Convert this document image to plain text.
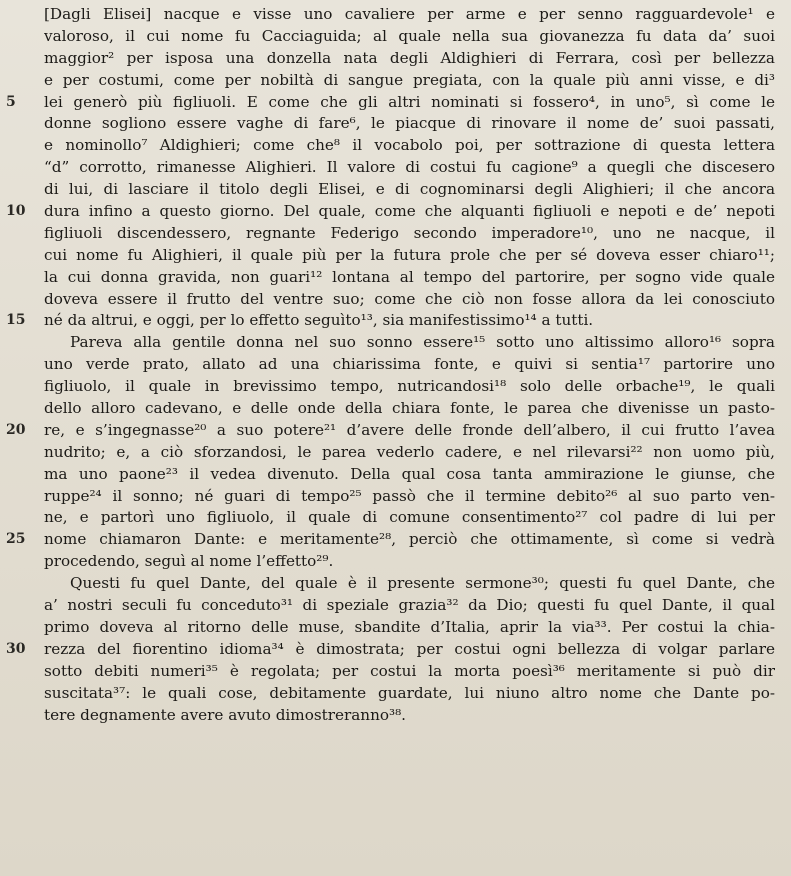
[Dagli Elisei] nacque e visse uno cavaliere per arme e per senno ragguardevole¹ e
valoroso, il cui nome fu Cacciaguida; al quale nella sua giovanezza fu data da’ suoi
maggior² per isposa una donzella nata degli Aldighieri di Ferrara, così per bellezza
e per costumi, come per nobiltà di sangue pregiata, con la quale più anni visse, e di³
5	lei generò più figliuoli. E come che gli altri nominati si fossero⁴, in uno⁵, sì come le
donne sogliono essere vaghe di fare⁶, le piacque di rinovare il nome de’ suoi passati,
e nominollo⁷ Aldighieri; come che⁸ il vocabolo poi, per sottrazione di questa lettera
“d” corrotto, rimanesse Alighieri. Il valore di costui fu cagione⁹ a quegli che discesero
di lui, di lasciare il titolo degli Elisei, e di cognominarsi degli Alighieri; il che ancora
10	dura infino a questo giorno. Del quale, come che alquanti figliuoli e nepoti e de’ nepoti
figliuoli discendessero, regnante Federigo secondo imperadore¹⁰, uno ne nacque, il
cui nome fu Alighieri, il quale più per la futura prole che per sé doveva esser chiaro¹¹;
la cui donna gravida, non guari¹² lontana al tempo del partorire, per sogno vide quale
doveva essere il frutto del ventre suo; come che ciò non fosse allora da lei conosciuto
15	né da altrui, e oggi, per lo effetto seguìto¹³, sia manifestissimo¹⁴ a tutti.
Pareva alla gentile donna nel suo sonno essere¹⁵ sotto uno altissimo alloro¹⁶ sopra
uno verde prato, allato ad una chiarissima fonte, e quivi si sentia¹⁷ partorire uno
figliuolo, il quale in brevissimo tempo, nutricandosi¹⁸ solo delle orbache¹⁹, le quali
dello alloro cadevano, e delle onde della chiara fonte, le parea che divenisse un pasto-
20	re, e s’ingegnasse²⁰ a suo potere²¹ d’avere delle fronde dell’albero, il cui frutto l’avea
nudrito; e, a ciò sforzandosi, le parea vederlo cadere, e nel rilevarsi²² non uomo più,
ma uno paone²³ il vedea divenuto. Della qual cosa tanta ammirazione le giunse, che
ruppe²⁴ il sonno; né guari di tempo²⁵ passò che il termine debito²⁶ al suo parto ven-
ne, e partorì uno figliuolo, il quale di comune consentimento²⁷ col padre di lui per
25	nome chiamaron Dante: e meritamente²⁸, perciò che ottimamente, sì come si vedrà
procedendo, seguì al nome l’effetto²⁹.
Questi fu quel Dante, del quale è il presente sermone³⁰; questi fu quel Dante, che
a’ nostri seculi fu conceduto³¹ di speziale grazia³² da Dio; questi fu quel Dante, il qual
primo doveva al ritorno delle muse, sbandite d’Italia, aprir la via³³. Per costui la chia-
30	rezza del fiorentino idioma³⁴ è dimostrata; per costui ogni bellezza di volgar parlare
sotto debiti numeri³⁵ è regolata; per costui la morta poesì³⁶ meritamente si può dir
suscitata³⁷: le quali cose, debitamente guardate, lui niuno altro nome che Dante po-
tere degnamente avere avuto dimostreranno³⁸.
